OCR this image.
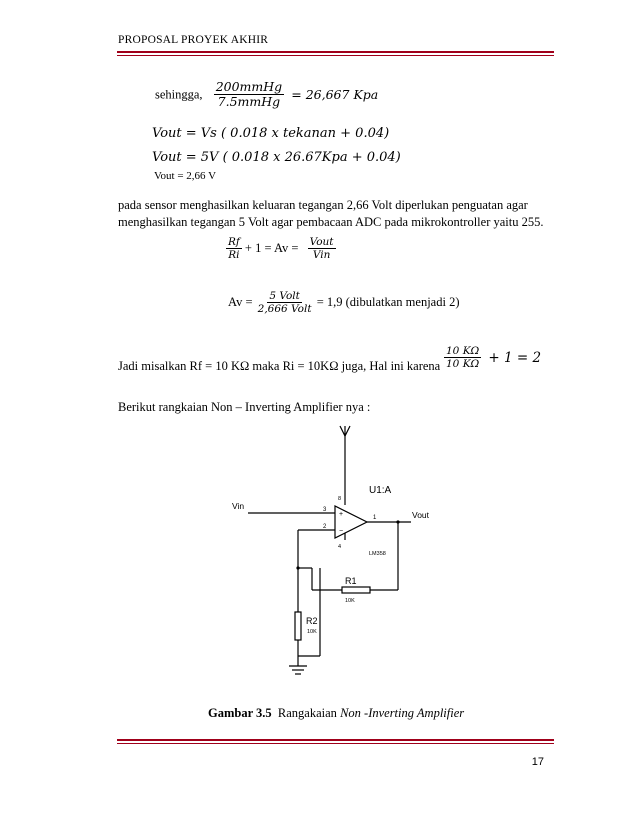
PROPOSAL PROYEK AKHIR
sehingga, $\frac{\text{200mmHg}}{\text{7.5mmHg}} = 26,667$ Kpa
Vout = Vs ( 0.018 x tekanan + 0.04)
Vout = 5V ( 0.018 x 26.67Kpa + 0.04)
Vout = 2,66 V
pada sensor menghasilkan keluaran tegangan 2,66 Volt diperlukan penguatan agar
menghasilkan tegangan 5 Volt agar pembacaan ADC pada mikrokontroller yaitu 255.
$\frac{Rf}{Ri} + 1 = Av = \frac{\text{Vout}}{\text{Vin}}$
$Av = \frac{\text{5 Volt}}{\text{2,666 Volt}} = 1,9$ (dibulatkan menjadi 2)
Jadi misalkan Rf = 10 KΩ maka Ri = 10KΩ juga, Hal ini karena $\frac{10 K\Omega}{10 K\Omega} + 1 = 2$
Berikut rangkaian Non – Inverting Amplifier nya :
U1:A
Vin
Vout
3
2
1
8
4
+
−
LM358
R1
10K
R2
10K
Gambar 3.5 Rangakaian Non -Inverting Amplifier
17
